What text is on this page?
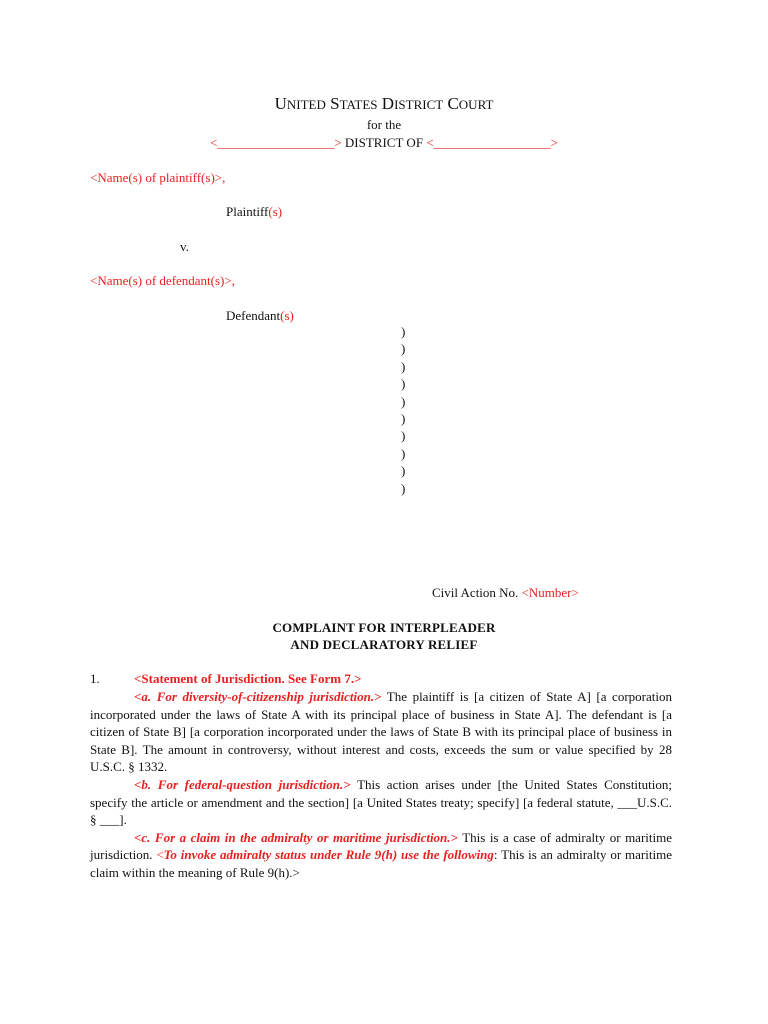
UNITED STATES DISTRICT COURT
for the
<__________________> DISTRICT OF <__________________>
<Name(s) of plaintiff(s)>,
Plaintiff(s)
v.
<Name(s) of defendant(s)>,
Defendant(s)
)
)
)
)
)
)
)
)
)
)
Civil Action No. <Number>
COMPLAINT FOR INTERPLEADER
AND DECLARATORY RELIEF
1.	<Statement of Jurisdiction. See Form 7.>
<a. For diversity-of-citizenship jurisdiction.> The plaintiff is [a citizen of State A] [a corporation incorporated under the laws of State A with its principal place of business in State A]. The defendant is [a citizen of State B] [a corporation incorporated under the laws of State B with its principal place of business in State B]. The amount in controversy, without interest and costs, exceeds the sum or value specified by 28 U.S.C. § 1332.
<b. For federal-question jurisdiction.> This action arises under [the United States Constitution; specify the article or amendment and the section] [a United States treaty; specify] [a federal statute, ___U.S.C. § ___].
<c. For a claim in the admiralty or maritime jurisdiction.> This is a case of admiralty or maritime jurisdiction. <To invoke admiralty status under Rule 9(h) use the following: This is an admiralty or maritime claim within the meaning of Rule 9(h).>
